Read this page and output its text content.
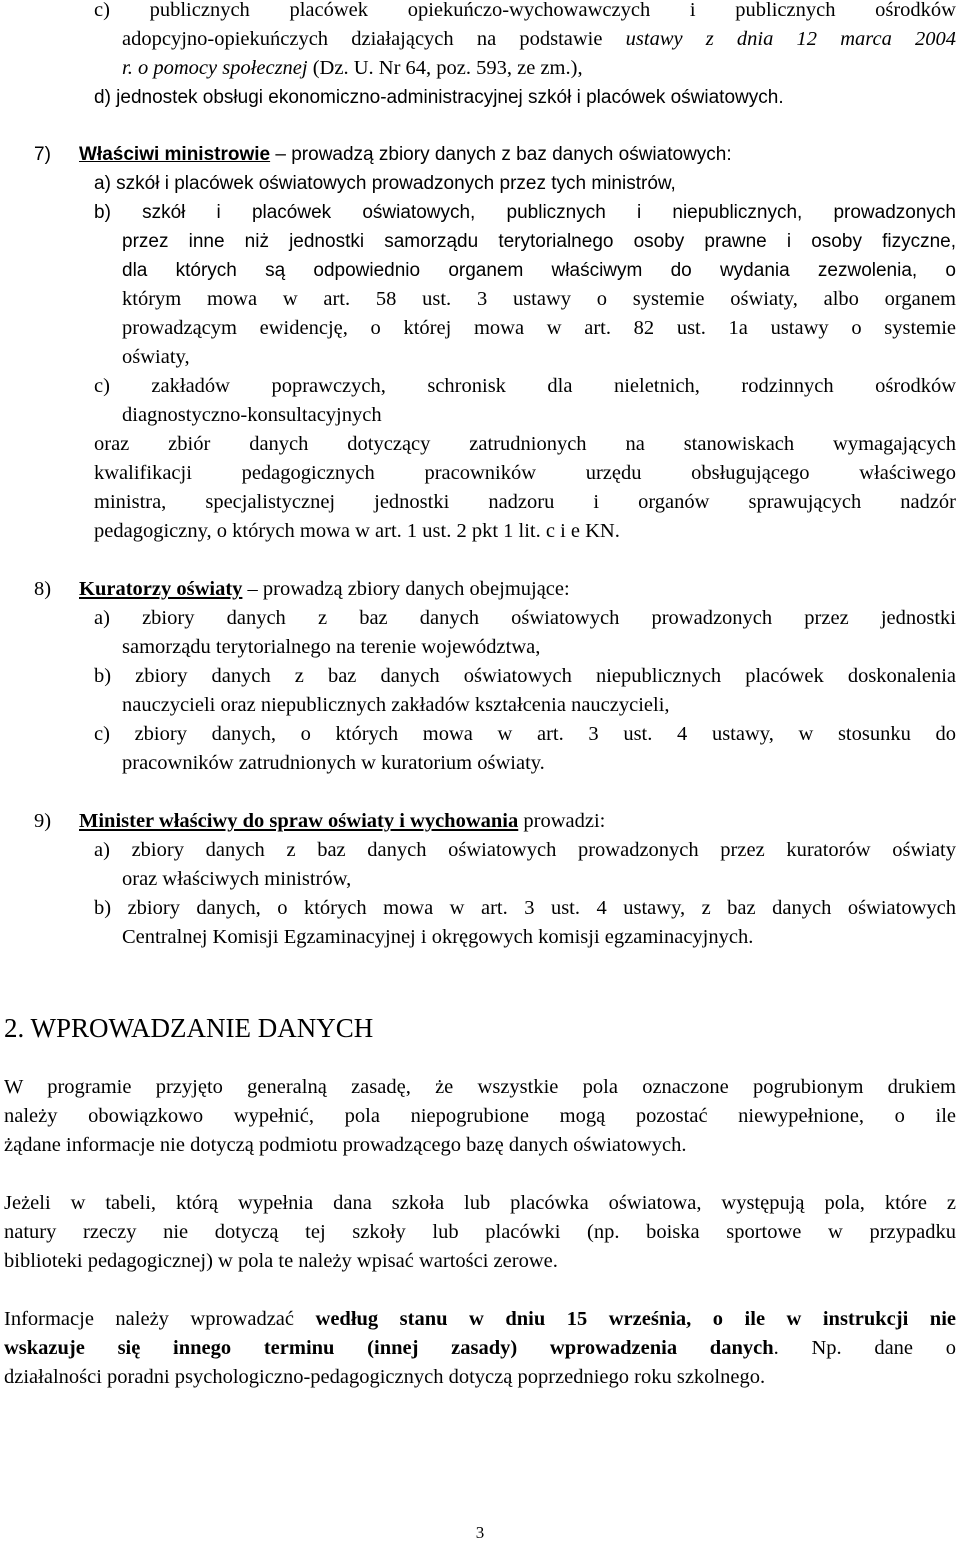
c) publicznych placówek opiekuńczo-wychowawczych i publicznych ośrodków
adopcyjno-opiekuńczych działających na podstawie ustawy z dnia 12 marca 2004
r. o pomocy społecznej (Dz. U. Nr 64, poz. 593, ze zm.),
d) jednostek obsługi ekonomiczno-administracyjnej szkół i placówek oświatowych.
7) Właściwi ministrowie – prowadzą zbiory danych z baz danych oświatowych:
a) szkół i placówek oświatowych prowadzonych przez tych ministrów,
b) szkół i placówek oświatowych, publicznych i niepublicznych, prowadzonych
przez inne niż jednostki samorządu terytorialnego osoby prawne i osoby fizyczne,
dla których są odpowiednio organem właściwym do wydania zezwolenia, o
którym mowa w art. 58 ust. 3 ustawy o systemie oświaty, albo organem
prowadzącym ewidencję, o której mowa w art. 82 ust. 1a ustawy o systemie
oświaty,
c) zakładów poprawczych, schronisk dla nieletnich, rodzinnych ośrodków
diagnostyczno-konsultacyjnych
oraz zbiór danych dotyczący zatrudnionych na stanowiskach wymagających
kwalifikacji pedagogicznych pracowników urzędu obsługującego właściwego
ministra, specjalistycznej jednostki nadzoru i organów sprawujących nadzór
pedagogiczny, o których mowa w art. 1 ust. 2 pkt 1 lit. c i e KN.
8) Kuratorzy oświaty – prowadzą zbiory danych obejmujące:
a) zbiory danych z baz danych oświatowych prowadzonych przez jednostki
samorządu terytorialnego na terenie województwa,
b) zbiory danych z baz danych oświatowych niepublicznych placówek doskonalenia
nauczycieli oraz niepublicznych zakładów kształcenia nauczycieli,
c) zbiory danych, o których mowa w art. 3 ust. 4 ustawy, w stosunku do
pracowników zatrudnionych w kuratorium oświaty.
9) Minister właściwy do spraw oświaty i wychowania prowadzi:
a) zbiory danych z baz danych oświatowych prowadzonych przez kuratorów oświaty
oraz właściwych ministrów,
b) zbiory danych, o których mowa w art. 3 ust. 4 ustawy, z baz danych oświatowych
Centralnej Komisji Egzaminacyjnej i okręgowych komisji egzaminacyjnych.
2. WPROWADZANIE DANYCH
W programie przyjęto generalną zasadę, że wszystkie pola oznaczone pogrubionym drukiem
należy obowiązkowo wypełnić, pola niepogrubione mogą pozostać niewypełnione, o ile
żądane informacje nie dotyczą podmiotu prowadzącego bazę danych oświatowych.
Jeżeli w tabeli, którą wypełnia dana szkoła lub placówka oświatowa, występują pola, które z
natury rzeczy nie dotyczą tej szkoły lub placówki (np. boiska sportowe w przypadku
biblioteki pedagogicznej) w pola te należy wpisać wartości zerowe.
Informacje należy wprowadzać według stanu w dniu 15 września, o ile w instrukcji nie
wskazuje się innego terminu (innej zasady) wprowadzenia danych. Np. dane o
działalności poradni psychologiczno-pedagogicznych dotyczą poprzedniego roku szkolnego.
3
